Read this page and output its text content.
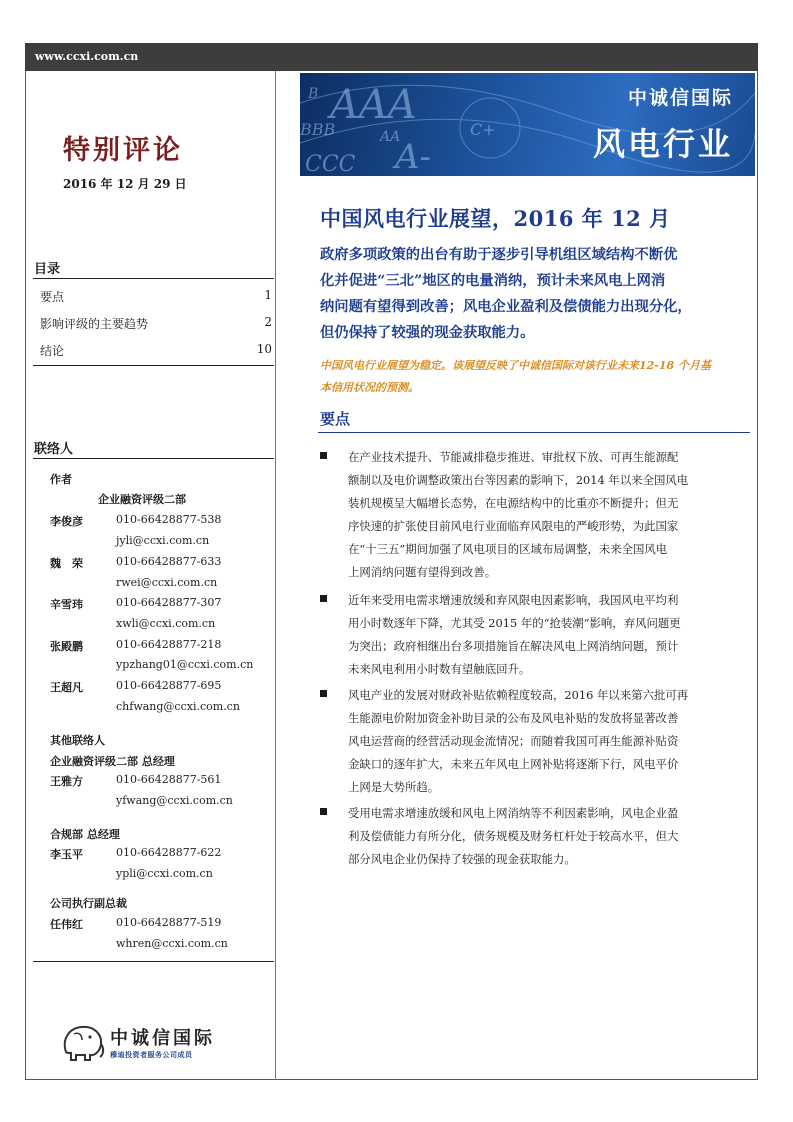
www.ccxi.com.cn
AAA
BBB
CCC A-
AA
B
C+
中诚信国际
风电行业
特别评论
2016 年 12 月 29 日
目录
要点	1
影响评级的主要趋势	2
结论	10
联络人
作者
企业融资评级二部
李俊彦	010-66428877-538
jyli@ccxi.com.cn
魏　荣	010-66428877-633
rwei@ccxi.com.cn
辛雪玮	010-66428877-307
xwli@ccxi.com.cn
张殿鹏	010-66428877-218
ypzhang01@ccxi.com.cn
王超凡	010-66428877-695
chfwang@ccxi.com.cn
其他联络人
企业融资评级二部 总经理
王雅方	010-66428877-561
yfwang@ccxi.com.cn
合规部 总经理
李玉平	010-66428877-622
ypli@ccxi.com.cn
公司执行副总裁
任伟红	010-66428877-519
whren@ccxi.com.cn
中诚信国际
穆迪投资者服务公司成员
中国风电行业展望，2016 年 12 月
政府多项政策的出台有助于逐步引导机组区域结构不断优
化并促进“三北”地区的电量消纳，预计未来风电上网消
纳问题有望得到改善；风电企业盈利及偿债能力出现分化，
但仍保持了较强的现金获取能力。
中国风电行业展望为稳定。该展望反映了中诚信国际对该行业未来12-18 个月基
本信用状况的预测。
要点
在产业技术提升、节能减排稳步推进、审批权下放、可再生能源配
额制以及电价调整政策出台等因素的影响下，2014 年以来全国风电
装机规模呈大幅增长态势，在电源结构中的比重亦不断提升；但无
序快速的扩张使目前风电行业面临弃风限电的严峻形势，为此国家
在“十三五”期间加强了风电项目的区域布局调整，未来全国风电
上网消纳问题有望得到改善。
近年来受用电需求增速放缓和弃风限电因素影响，我国风电平均利
用小时数逐年下降，尤其受 2015 年的“抢装潮”影响，弃风问题更
为突出；政府相继出台多项措施旨在解决风电上网消纳问题，预计
未来风电利用小时数有望触底回升。
风电产业的发展对财政补贴依赖程度较高，2016 年以来第六批可再
生能源电价附加资金补助目录的公布及风电补贴的发放将显著改善
风电运营商的经营活动现金流情况；而随着我国可再生能源补贴资
金缺口的逐年扩大，未来五年风电上网补贴将逐渐下行，风电平价
上网是大势所趋。
受用电需求增速放缓和风电上网消纳等不利因素影响，风电企业盈
利及偿债能力有所分化，债务规模及财务杠杆处于较高水平，但大
部分风电企业仍保持了较强的现金获取能力。
